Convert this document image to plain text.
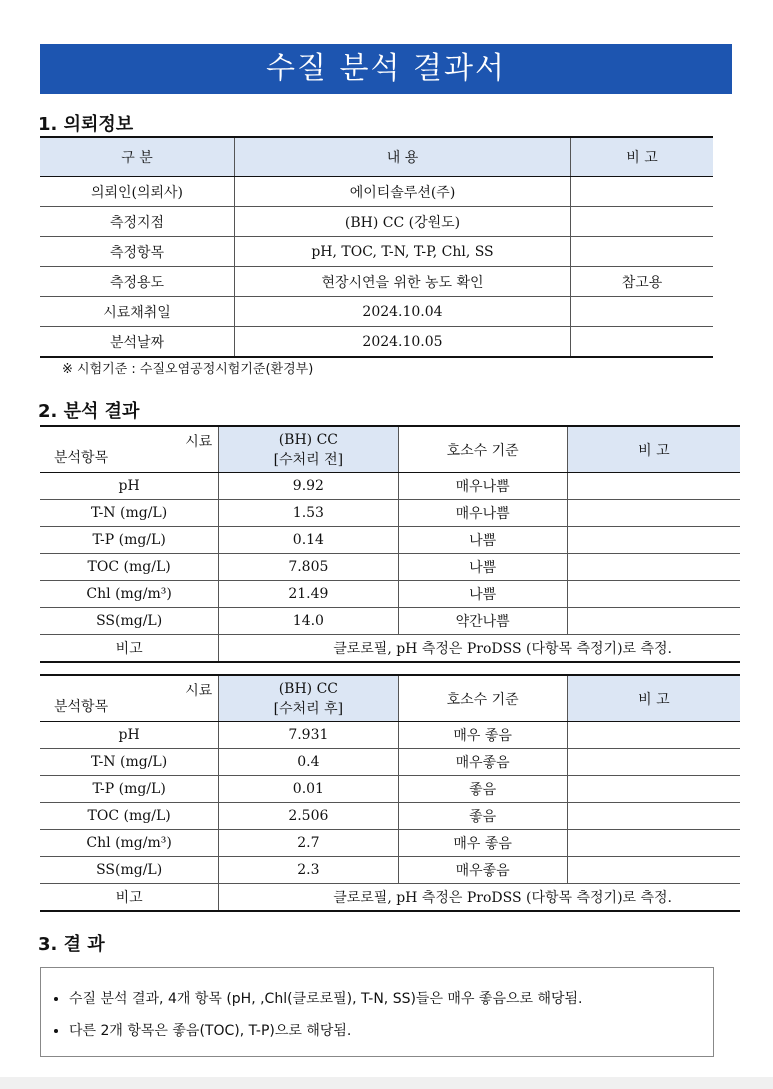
수질 분석 결과서
1. 의뢰정보
구 분	내 용	비 고
의뢰인(의뢰사)	에이티솔루션(주)	
측정지점	(BH) CC (강원도)	
측정항목	pH, TOC, T-N, T-P, Chl, SS	
측정용도	현장시연을 위한 농도 확인	참고용
시료채취일	2024.10.04	
분석날짜	2024.10.05	
※ 시험기준 : 수질오염공정시험기준(환경부)
2. 분석 결과
시료
분석항목	(BH) CC
[수처리 전]	호소수 기준	비 고
pH	9.92	매우나쁨	
T-N (mg/L)	1.53	매우나쁨	
T-P (mg/L)	0.14	나쁨	
TOC (mg/L)	7.805	나쁨	
Chl (mg/m³)	21.49	나쁨	
SS(mg/L)	14.0	약간나쁨	
비고	클로로필, pH 측정은 ProDSS (다항목 측정기)로 측정.		
시료
분석항목	(BH) CC
[수처리 후]	호소수 기준	비 고
pH	7.931	매우 좋음	
T-N (mg/L)	0.4	매우좋음	
T-P (mg/L)	0.01	좋음	
TOC (mg/L)	2.506	좋음	
Chl (mg/m³)	2.7	매우 좋음	
SS(mg/L)	2.3	매우좋음	
비고	클로로필, pH 측정은 ProDSS (다항목 측정기)로 측정.		
3. 결 과
• 수질 분석 결과, 4개 항목 (pH, ,Chl(클로로필), T-N, SS)들은 매우 좋음으로 해당됨.
• 다른 2개 항목은 좋음(TOC), T-P)으로 해당됨.
